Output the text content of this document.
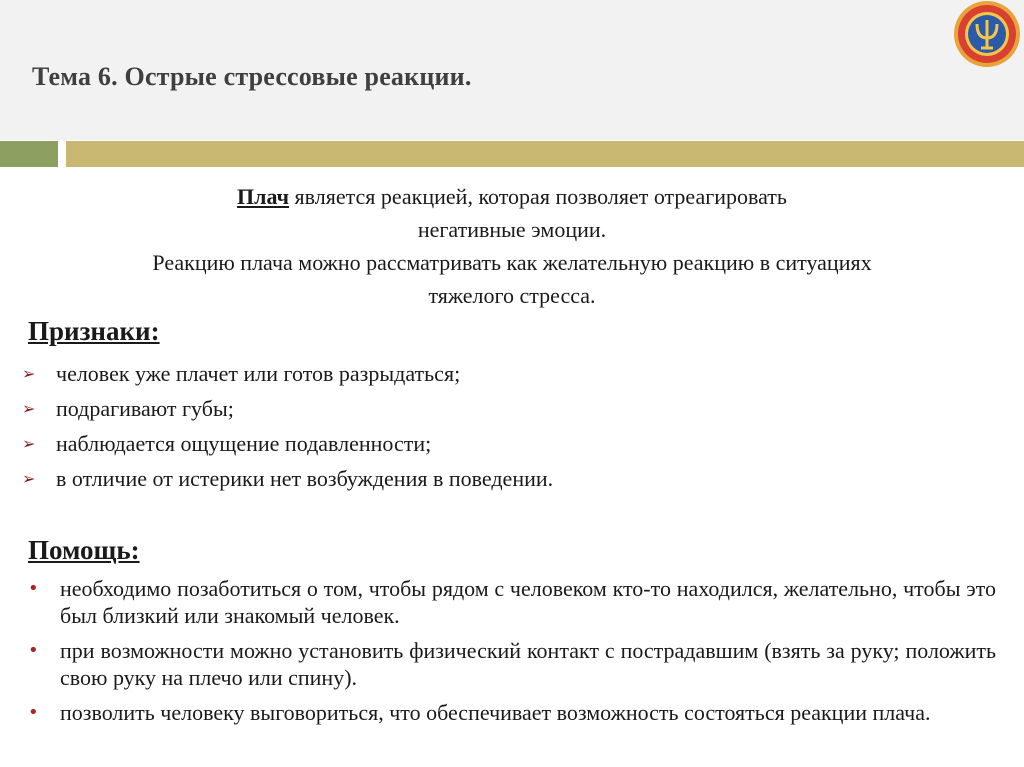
Тема 6. Острые стрессовые реакции.
Плач является реакцией, которая позволяет отреагировать
негативные эмоции.
Реакцию плача можно рассматривать как желательную реакцию в ситуациях
тяжелого стресса.
Признаки:
➢ человек уже плачет или готов разрыдаться;
➢ подрагивают губы;
➢ наблюдается ощущение подавленности;
➢ в отличие от истерики нет возбуждения в поведении.
Помощь:
• необходимо позаботиться о том, чтобы рядом с человеком кто-то находился, желательно, чтобы это был близкий или знакомый человек.
• при возможности можно установить физический контакт с пострадавшим (взять за руку; положить свою руку на плечо или спину).
• позволить человеку выговориться, что обеспечивает возможность состояться реакции плача.
